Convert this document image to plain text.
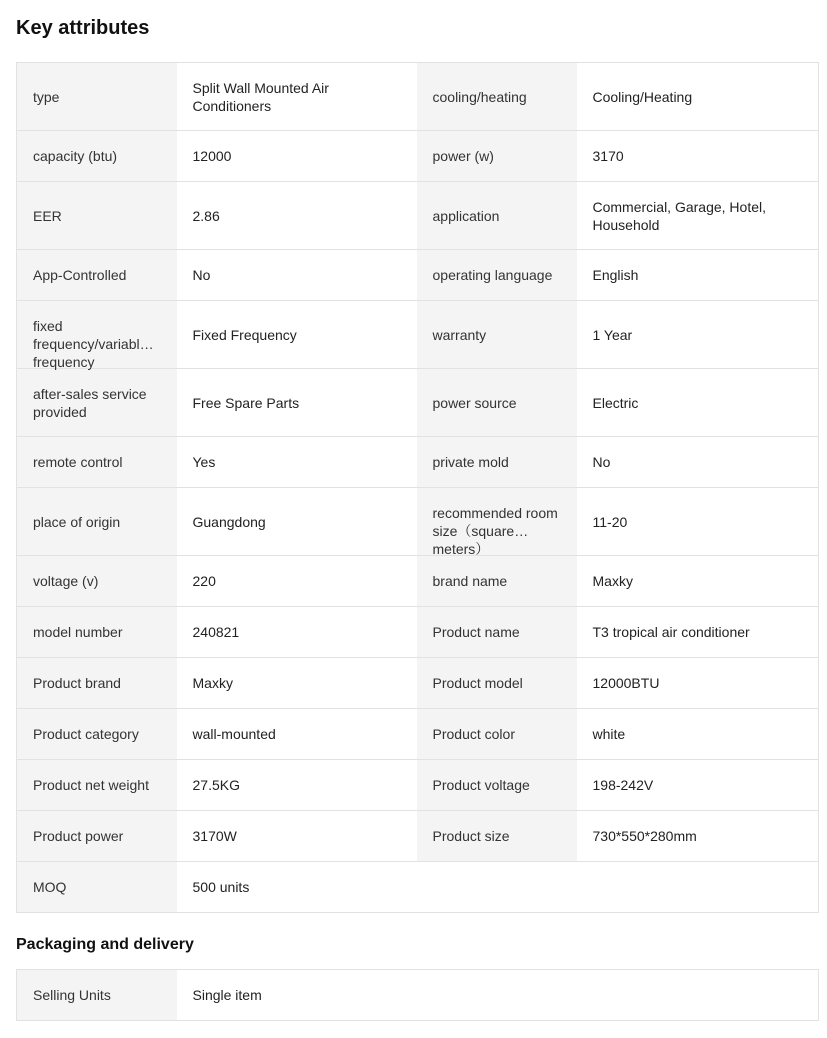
Key attributes
type	Split Wall Mounted Air Conditioners	cooling/heating	Cooling/Heating

capacity (btu)	12000	power (w)	3170

EER	2.86	application	Commercial, Garage, Hotel, Household

App-Controlled	No	operating language	English

fixed frequency/variable frequency	Fixed Frequency	warranty	1 Year

after-sales service provided	Free Spare Parts	power source	Electric

remote control	Yes	private mold	No

place of origin	Guangdong	recommended room size（square meters）	11-20

voltage (v)	220	brand name	Maxky

model number	240821	Product name	T3 tropical air conditioner

Product brand	Maxky	Product model	12000BTU

Product category	wall-mounted	Product color	white

Product net weight	27.5KG	Product voltage	198-242V

Product power	3170W	Product size	730*550*280mm

MOQ	500 units		

Packaging and delivery
Selling Units	Single item
